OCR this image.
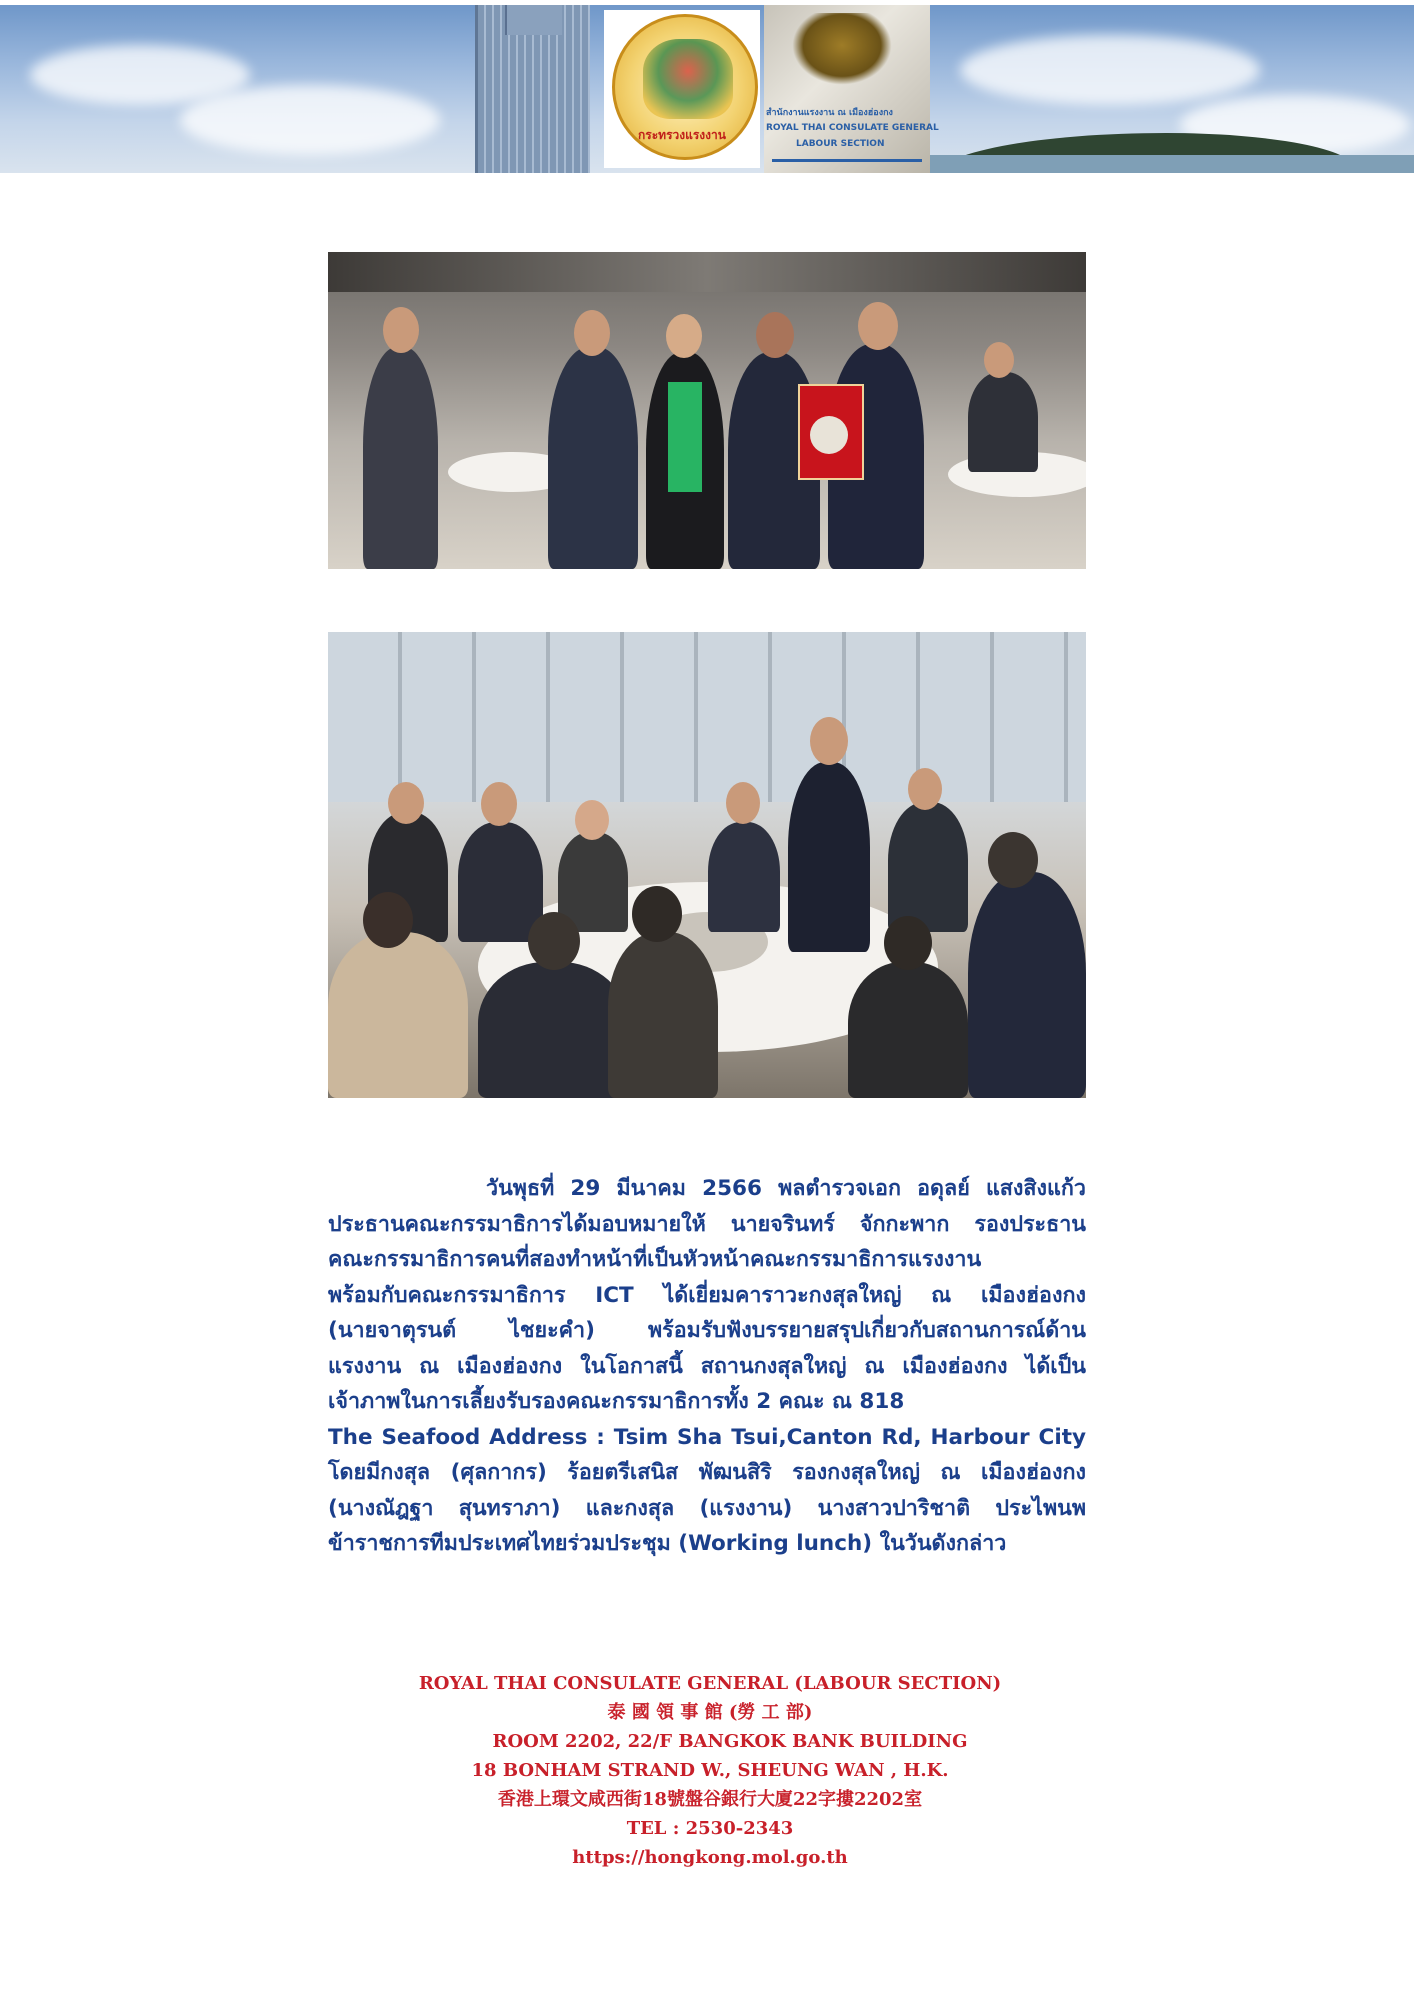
กระทรวงแรงงาน
สำนักงานแรงงาน ณ เมืองฮ่องกง
ROYAL THAI CONSULATE GENERAL
LABOUR SECTION

วันพุธที่ 29 มีนาคม 2566 พลตำรวจเอก อดุลย์ แสงสิงแก้ว

ประธานคณะกรรมาธิการได้มอบหมายให้ นายจรินทร์ จักกะพาก รองประธาน

คณะกรรมาธิการคนที่สองทำหน้าที่เป็นหัวหน้าคณะกรรมาธิการแรงงาน

พร้อมกับคณะกรรมาธิการ ICT ได้เยี่ยมคาราวะกงสุลใหญ่ ณ เมืองฮ่องกง

(นายจาตุรนต์ ไชยะคำ) พร้อมรับฟังบรรยายสรุปเกี่ยวกับสถานการณ์ด้าน

แรงงาน ณ เมืองฮ่องกง ในโอกาสนี้ สถานกงสุลใหญ่ ณ เมืองฮ่องกง ได้เป็น

เจ้าภาพในการเลี้ยงรับรองคณะกรรมาธิการทั้ง 2 คณะ ณ 818

The Seafood Address : Tsim Sha Tsui,Canton Rd, Harbour City

โดยมีกงสุล (ศุลกากร) ร้อยตรีเสนิส พัฒนสิริ รองกงสุลใหญ่ ณ เมืองฮ่องกง

(นางณัฎฐา สุนทราภา) และกงสุล (แรงงาน) นางสาวปาริชาติ ประไพนพ

ข้าราชการทีมประเทศไทยร่วมประชุม (Working lunch) ในวันดังกล่าว

ROYAL THAI CONSULATE GENERAL (LABOUR SECTION)
泰 國 領 事 館 (勞 工 部)
ROOM 2202, 22/F BANGKOK BANK BUILDING
18 BONHAM STRAND W., SHEUNG WAN , H.K.
香港上環文咸西街18號盤谷銀行大廈22字摟2202室
TEL : 2530-2343
https://hongkong.mol.go.th
